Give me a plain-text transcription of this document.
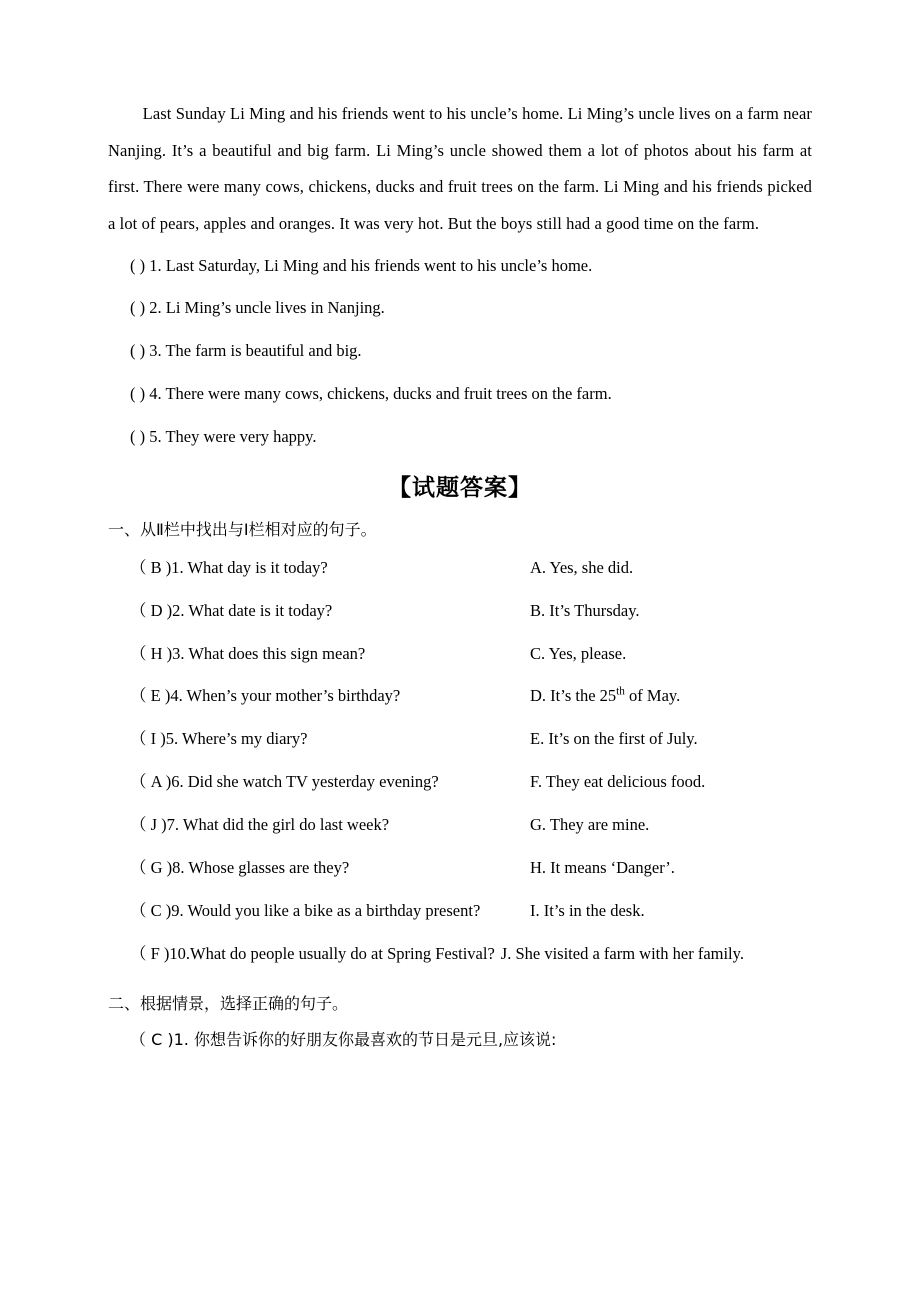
Last Sunday Li Ming and his friends went to his uncle’s home. Li Ming’s uncle lives on a farm near Nanjing. It’s a beautiful and big farm. Li Ming’s uncle showed them a lot of photos about his farm at first. There were many cows, chickens, ducks and fruit trees on the farm. Li Ming and his friends picked a lot of pears, apples and oranges. It was very hot. But the boys still had a good time on the farm.

( ) 1. Last Saturday, Li Ming and his friends went to his uncle’s home.
( ) 2. Li Ming’s uncle lives in Nanjing.
( ) 3. The farm is beautiful and big.
( ) 4. There were many cows, chickens, ducks and fruit trees on the farm.
( ) 5. They were very happy.
【试题答案】
一、从Ⅱ栏中找出与Ⅰ栏相对应的句子。
（ B )1. What day is it today?	A. Yes, she did.
（ D )2. What date is it today?	B. It’s Thursday.
（ H )3. What does this sign mean?	C. Yes, please.
（ E )4. When’s your mother’s birthday?	D. It’s the 25th of May.
（ I )5. Where’s my diary?	E. It’s on the first of July.
（ A )6. Did she watch TV yesterday evening?	F. They eat delicious food.
（ J )7. What did the girl do last week?	G. They are mine.
（ G )8. Whose glasses are they?	H. It means ‘Danger’.
（ C )9. Would you like a bike as a birthday present?	I. It’s in the desk.
（ F )10.What do people usually do at Spring Festival? J. She visited a farm with her family.
二、根据情景，选择正确的句子。
（ C )1. 你想告诉你的好朋友你最喜欢的节日是元旦,应该说:
